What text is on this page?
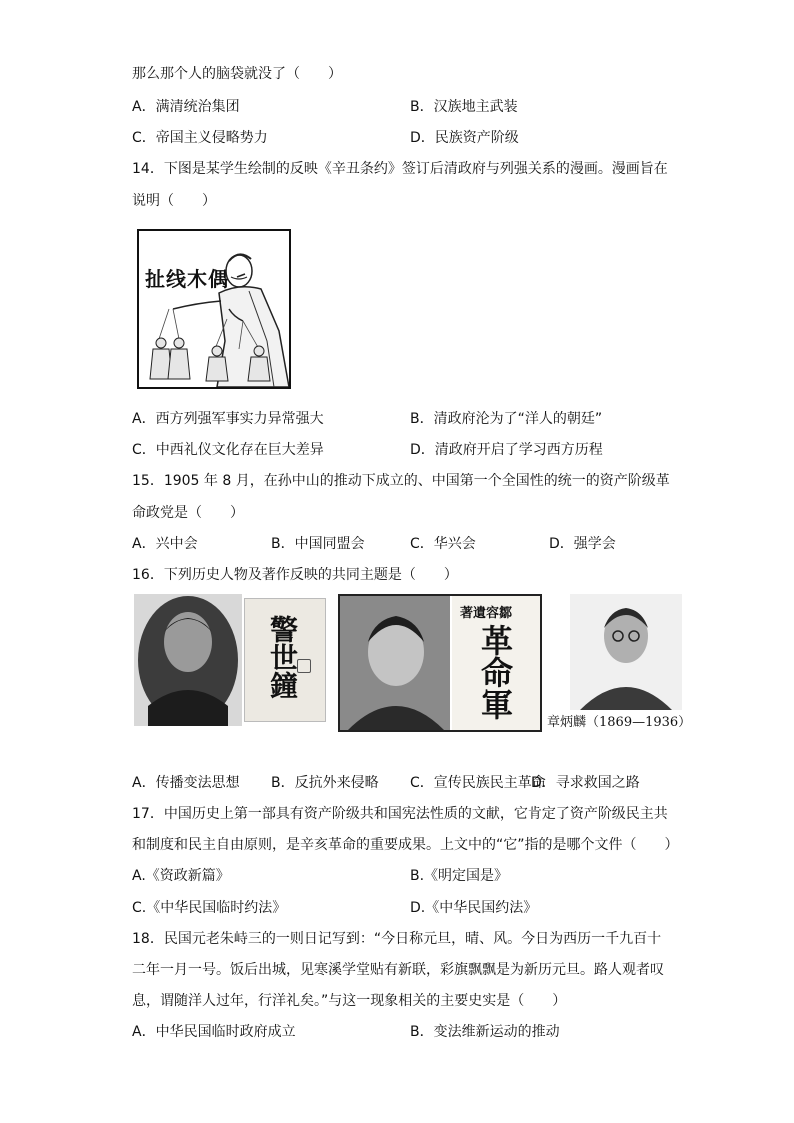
那么那个人的脑袋就没了（　　）
A．满清统治集团	B．汉族地主武装
C．帝国主义侵略势力	D．民族资产阶级
14．下图是某学生绘制的反映《辛丑条约》签订后清政府与列强关系的漫画。漫画旨在
说明（　　）
扯线木偶
A．西方列强军事实力异常强大	B．清政府沦为了“洋人的朝廷”
C．中西礼仪文化存在巨大差异	D．清政府开启了学习西方历程
15．1905 年 8 月，在孙中山的推动下成立的、中国第一个全国性的统一的资产阶级革
命政党是（　　）
A．兴中会	B．中国同盟会	C．华兴会	D．强学会
16．下列历史人物及著作反映的共同主题是（　　）
警世鐘
著遺容鄒
革命軍
章炳麟（1869—1936）
A．传播变法思想 B．反抗外来侵略 C．宣传民族民主革命
D．寻求救国之路
17．中国历史上第一部具有资产阶级共和国宪法性质的文献，它肯定了资产阶级民主共
和制度和民主自由原则，是辛亥革命的重要成果。上文中的“它”指的是哪个文件（　　）
A.《资政新篇》	B.《明定国是》
C.《中华民国临时约法》	D.《中华民国约法》
18．民国元老朱峙三的一则日记写到：“今日称元旦，晴、风。今日为西历一千九百十
二年一月一号。饭后出城，见寒溪学堂贴有新联，彩旗飘飘是为新历元旦。路人观者叹
息，谓随洋人过年，行洋礼矣。”与这一现象相关的主要史实是（　　）
A．中华民国临时政府成立	B．变法维新运动的推动
